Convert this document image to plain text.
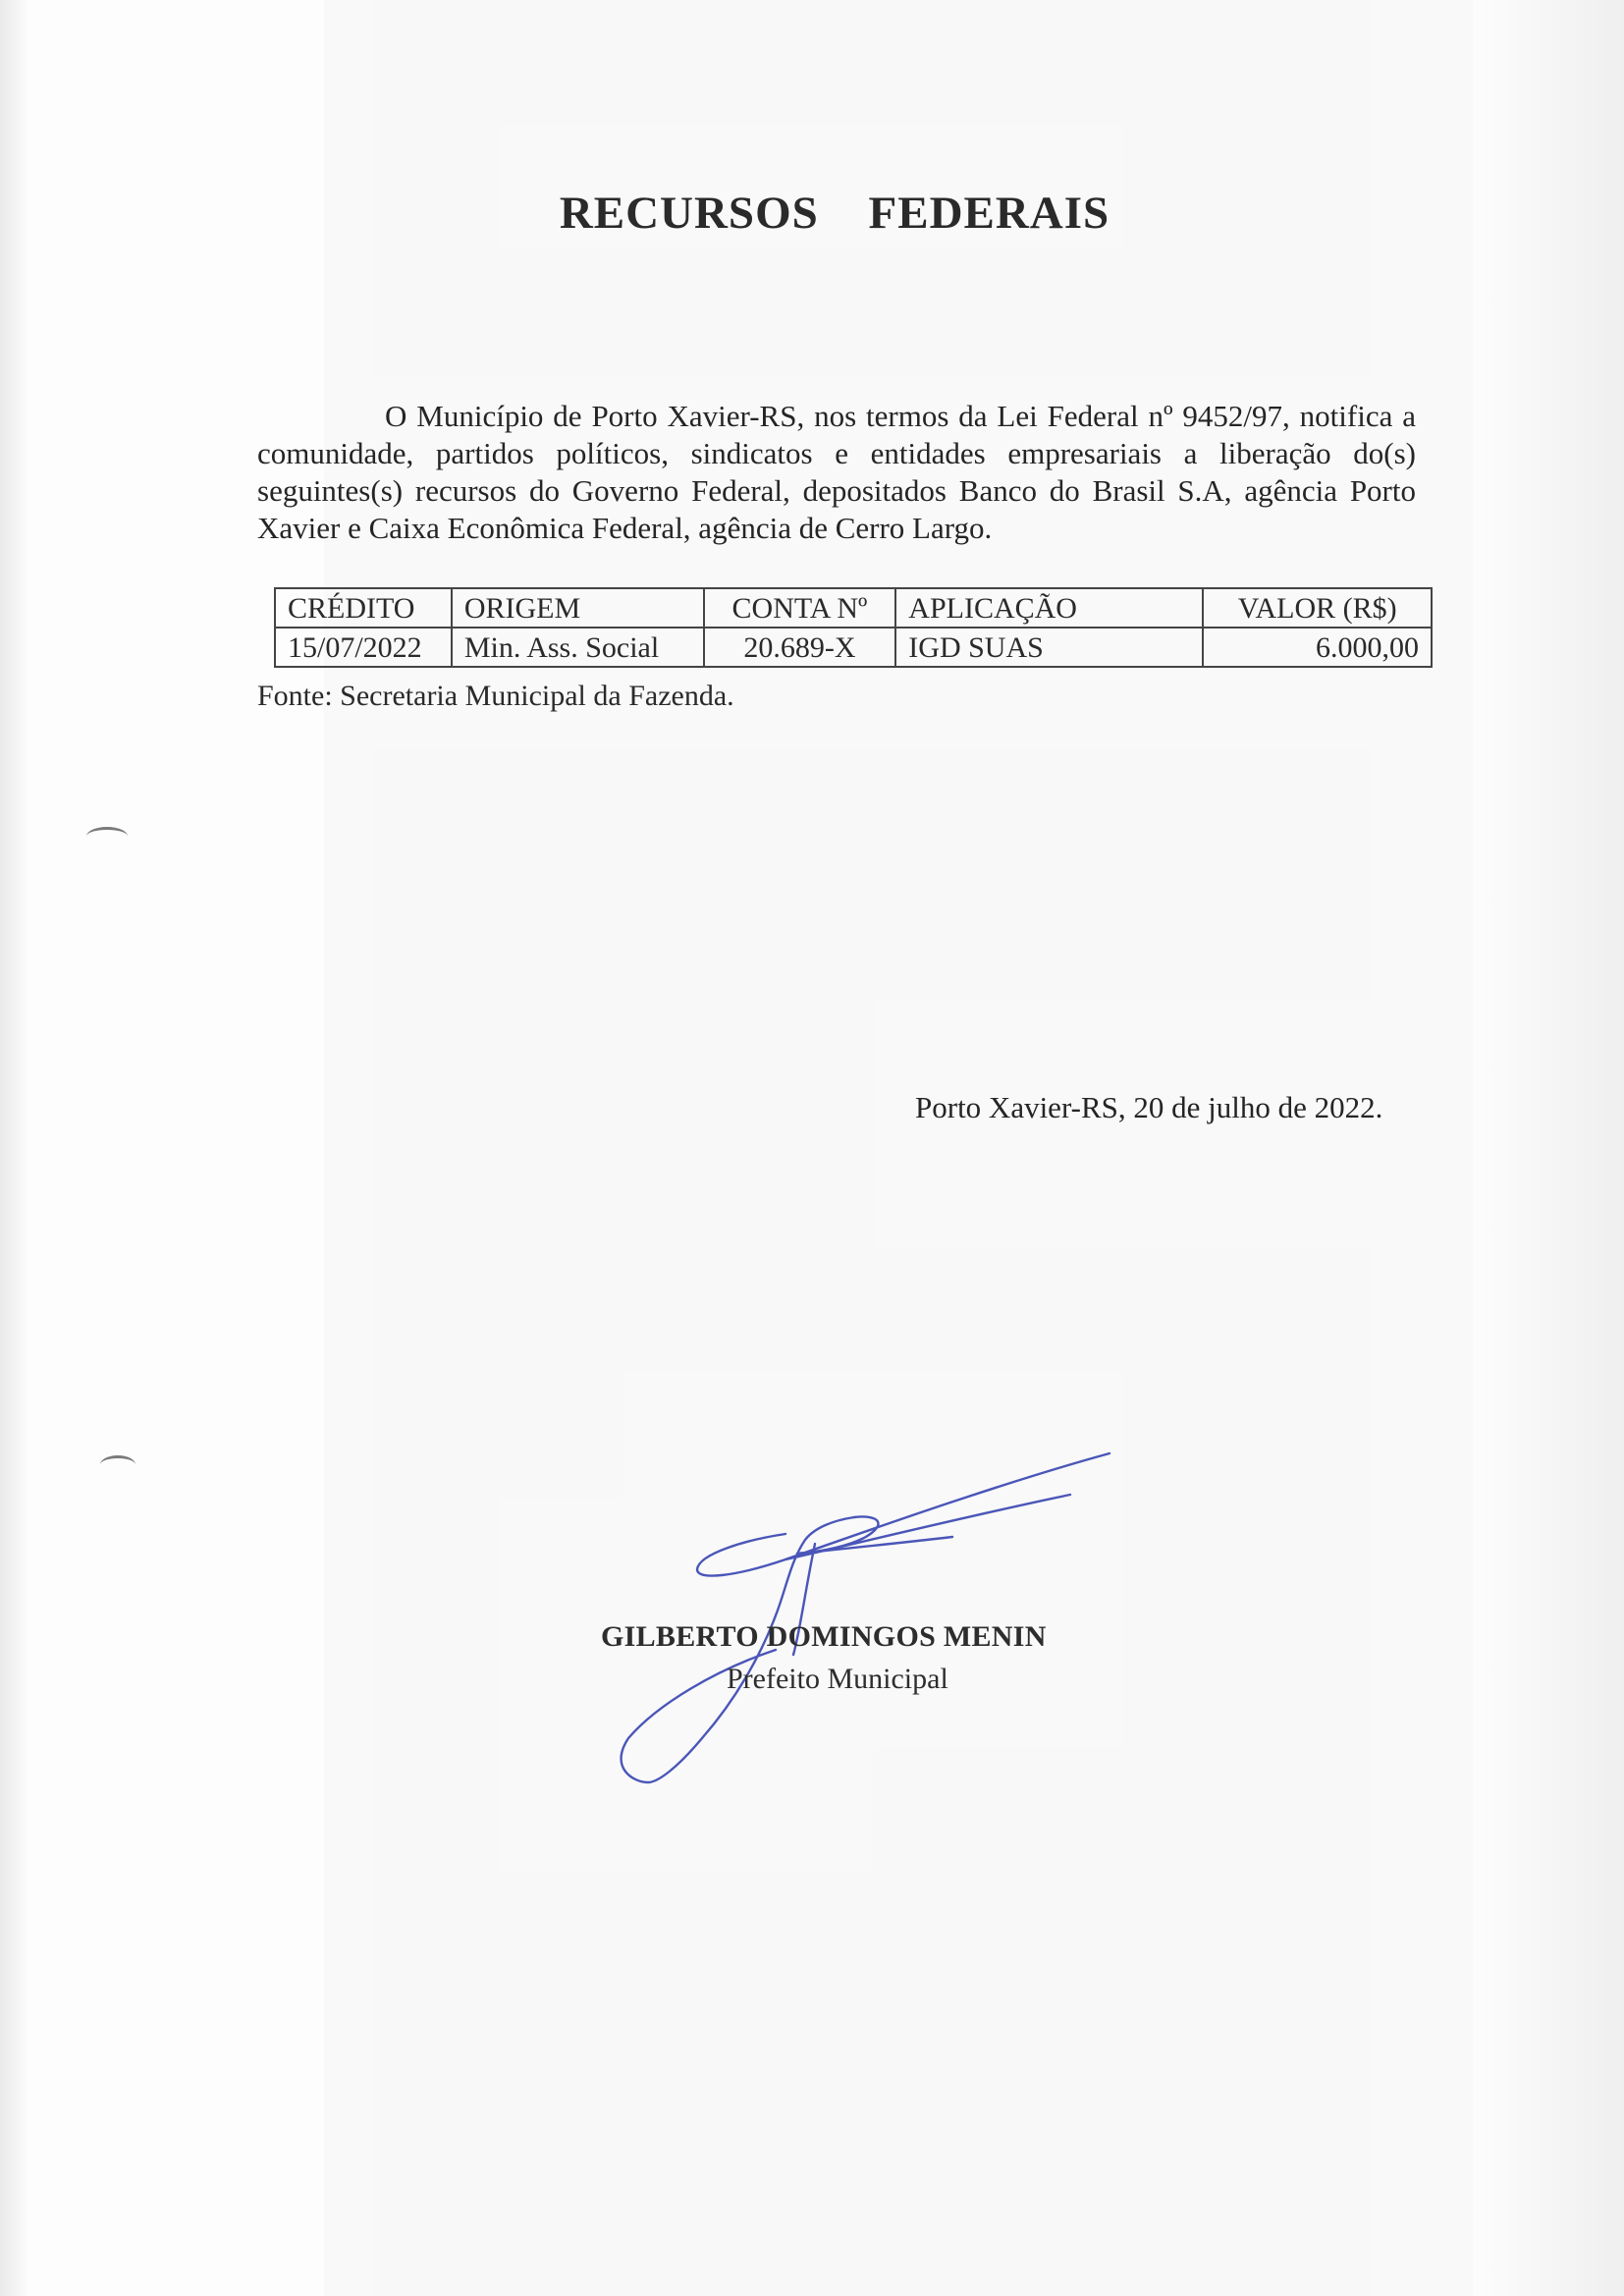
RECURSOS FEDERAIS

O Município de Porto Xavier-RS, nos termos da Lei Federal nº 9452/97, notifica a comunidade, partidos políticos, sindicatos e entidades empresariais a liberação do(s) seguintes(s) recursos do Governo Federal, depositados Banco do Brasil S.A, agência Porto Xavier e Caixa Econômica Federal, agência de Cerro Largo.

CRÉDITO	ORIGEM	CONTA Nº	APLICAÇÃO	VALOR (R$)
15/07/2022	Min. Ass. Social	20.689-X	IGD SUAS	6.000,00
Fonte: Secretaria Municipal da Fazenda.
Porto Xavier-RS, 20 de julho de 2022.
GILBERTO DOMINGOS MENIN
Prefeito Municipal
